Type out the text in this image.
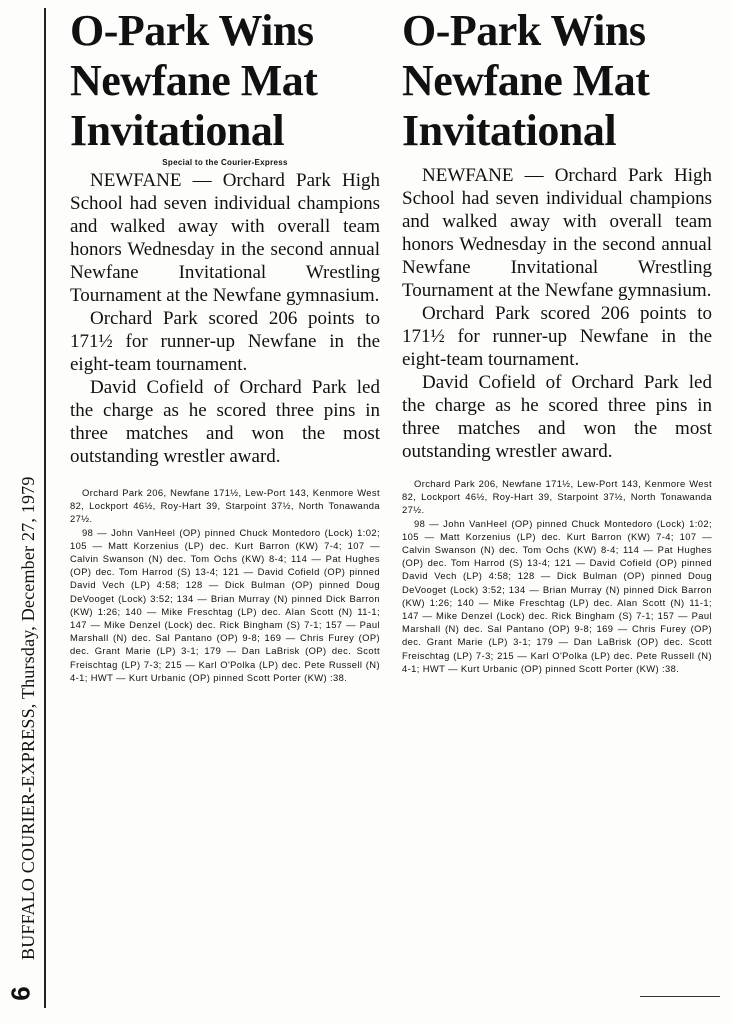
BUFFALO COURIER-EXPRESS, Thursday, December 27, 1979
6
O-Park Wins Newfane Mat Invitational
Special to the Courier-Express

NEWFANE — Orchard Park High School had seven individual champions and walked away with overall team honors Wednesday in the second annual Newfane Invitational Wrestling Tournament at the Newfane gymnasium.

Orchard Park scored 206 points to 171½ for runner-up Newfane in the eight-team tournament.

David Cofield of Orchard Park led the charge as he scored three pins in three matches and won the most outstanding wrestler award.

Orchard Park 206, Newfane 171½, Lew-Port 143, Kenmore West 82, Lockport 46½, Roy-Hart 39, Starpoint 37½, North Tonawanda 27½.

98 — John VanHeel (OP) pinned Chuck Montedoro (Lock) 1:02; 105 — Matt Korzenius (LP) dec. Kurt Barron (KW) 7-4; 107 — Calvin Swanson (N) dec. Tom Ochs (KW) 8-4; 114 — Pat Hughes (OP) dec. Tom Harrod (S) 13-4; 121 — David Cofield (OP) pinned David Vech (LP) 4:58; 128 — Dick Bulman (OP) pinned Doug DeVooget (Lock) 3:52; 134 — Brian Murray (N) pinned Dick Barron (KW) 1:26; 140 — Mike Freschtag (LP) dec. Alan Scott (N) 11-1; 147 — Mike Denzel (Lock) dec. Rick Bingham (S) 7-1; 157 — Paul Marshall (N) dec. Sal Pantano (OP) 9-8; 169 — Chris Furey (OP) dec. Grant Marie (LP) 3-1; 179 — Dan LaBrisk (OP) dec. Scott Freischtag (LP) 7-3; 215 — Karl O'Polka (LP) dec. Pete Russell (N) 4-1; HWT — Kurt Urbanic (OP) pinned Scott Porter (KW) :38.

O-Park Wins Newfane Mat Invitational

NEWFANE — Orchard Park High School had seven individual champions and walked away with overall team honors Wednesday in the second annual Newfane Invitational Wrestling Tournament at the Newfane gymnasium.

Orchard Park scored 206 points to 171½ for runner-up Newfane in the eight-team tournament.

David Cofield of Orchard Park led the charge as he scored three pins in three matches and won the most outstanding wrestler award.

Orchard Park 206, Newfane 171½, Lew-Port 143, Kenmore West 82, Lockport 46½, Roy-Hart 39, Starpoint 37½, North Tonawanda 27½.

98 — John VanHeel (OP) pinned Chuck Montedoro (Lock) 1:02; 105 — Matt Korzenius (LP) dec. Kurt Barron (KW) 7-4; 107 — Calvin Swanson (N) dec. Tom Ochs (KW) 8-4; 114 — Pat Hughes (OP) dec. Tom Harrod (S) 13-4; 121 — David Cofield (OP) pinned David Vech (LP) 4:58; 128 — Dick Bulman (OP) pinned Doug DeVooget (Lock) 3:52; 134 — Brian Murray (N) pinned Dick Barron (KW) 1:26; 140 — Mike Freschtag (LP) dec. Alan Scott (N) 11-1; 147 — Mike Denzel (Lock) dec. Rick Bingham (S) 7-1; 157 — Paul Marshall (N) dec. Sal Pantano (OP) 9-8; 169 — Chris Furey (OP) dec. Grant Marie (LP) 3-1; 179 — Dan LaBrisk (OP) dec. Scott Freischtag (LP) 7-3; 215 — Karl O'Polka (LP) dec. Pete Russell (N) 4-1; HWT — Kurt Urbanic (OP) pinned Scott Porter (KW) :38.
